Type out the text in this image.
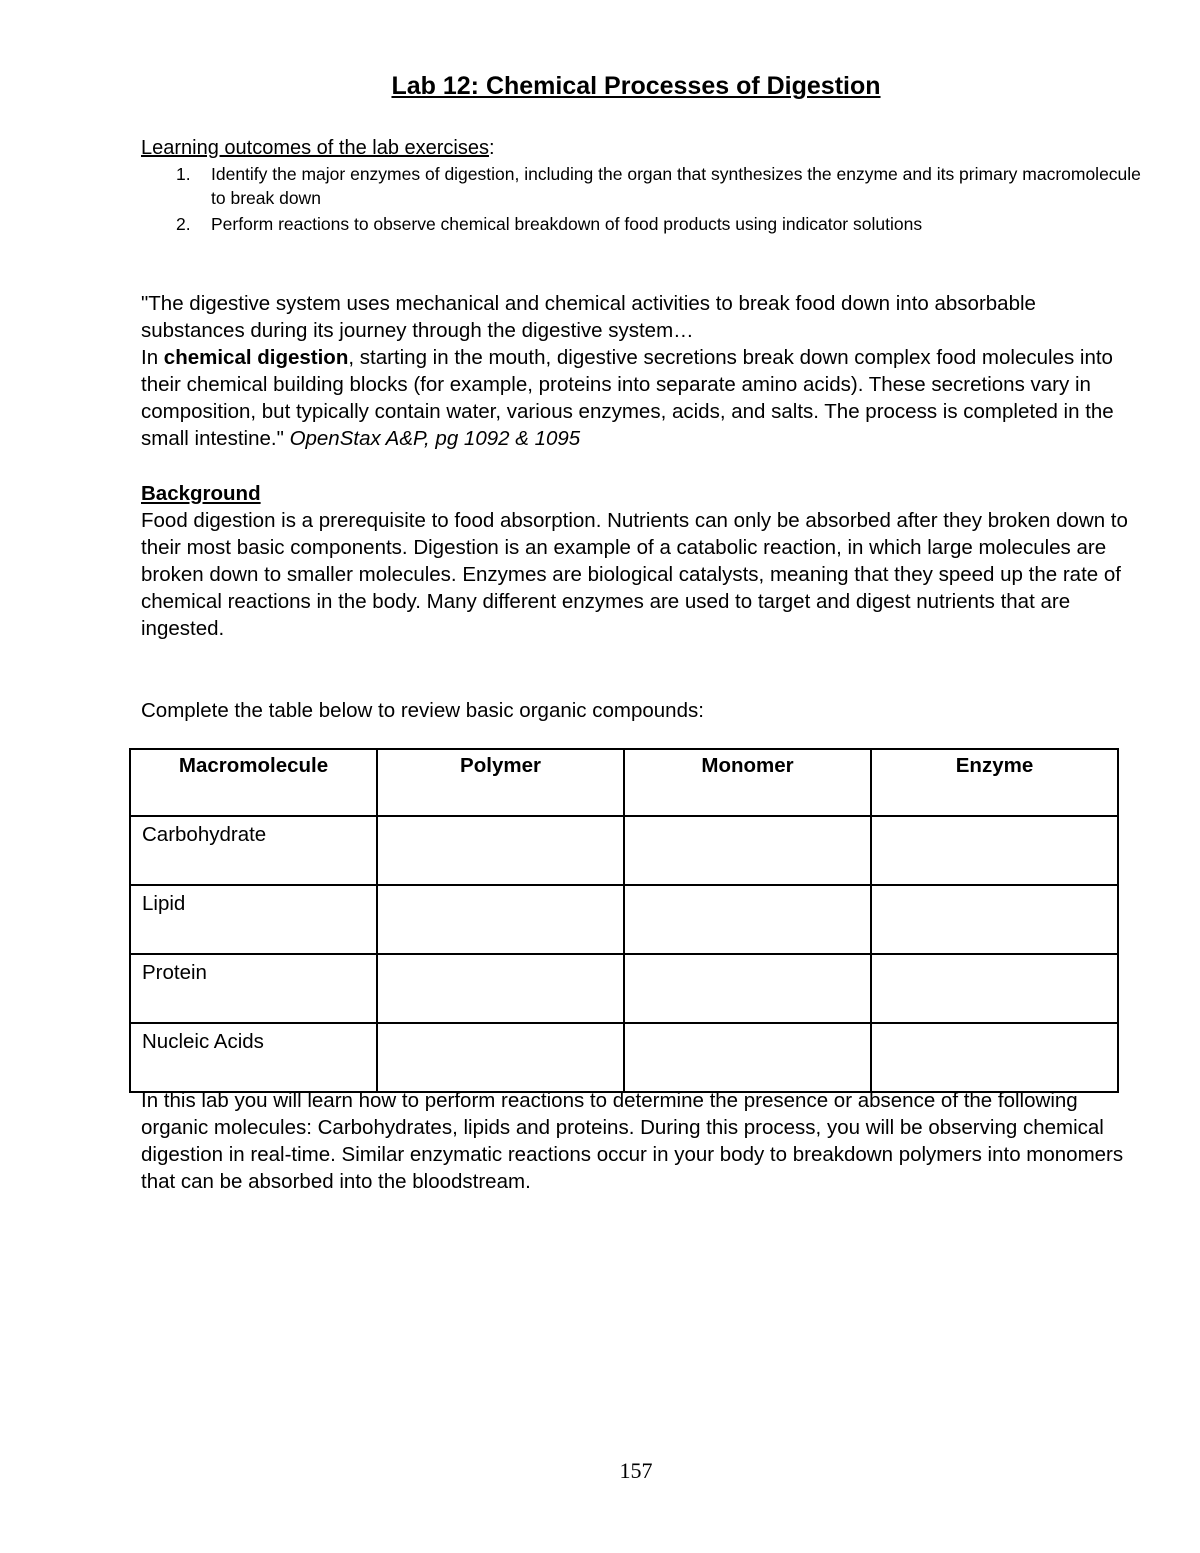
Lab 12: Chemical Processes of Digestion
Learning outcomes of the lab exercises:
1. Identify the major enzymes of digestion, including the organ that synthesizes the enzyme and its primary macromolecule to break down
2. Perform reactions to observe chemical breakdown of food products using indicator solutions

"The digestive system uses mechanical and chemical activities to break food down into absorbable substances during its journey through the digestive system…

In chemical digestion, starting in the mouth, digestive secretions break down complex food molecules into their chemical building blocks (for example, proteins into separate amino acids). These secretions vary in composition, but typically contain water, various enzymes, acids, and salts. The process is completed in the small intestine." OpenStax A&P, pg 1092 & 1095

Background

Food digestion is a prerequisite to food absorption. Nutrients can only be absorbed after they broken down to their most basic components. Digestion is an example of a catabolic reaction, in which large molecules are broken down to smaller molecules. Enzymes are biological catalysts, meaning that they speed up the rate of chemical reactions in the body. Many different enzymes are used to target and digest nutrients that are ingested.

Complete the table below to review basic organic compounds:

Macromolecule	Polymer	Monomer	Enzyme
Carbohydrate			
Lipid			
Protein			
Nucleic Acids			

In this lab you will learn how to perform reactions to determine the presence or absence of the following organic molecules: Carbohydrates, lipids and proteins. During this process, you will be observing chemical digestion in real-time. Similar enzymatic reactions occur in your body to breakdown polymers into monomers that can be absorbed into the bloodstream.

157
